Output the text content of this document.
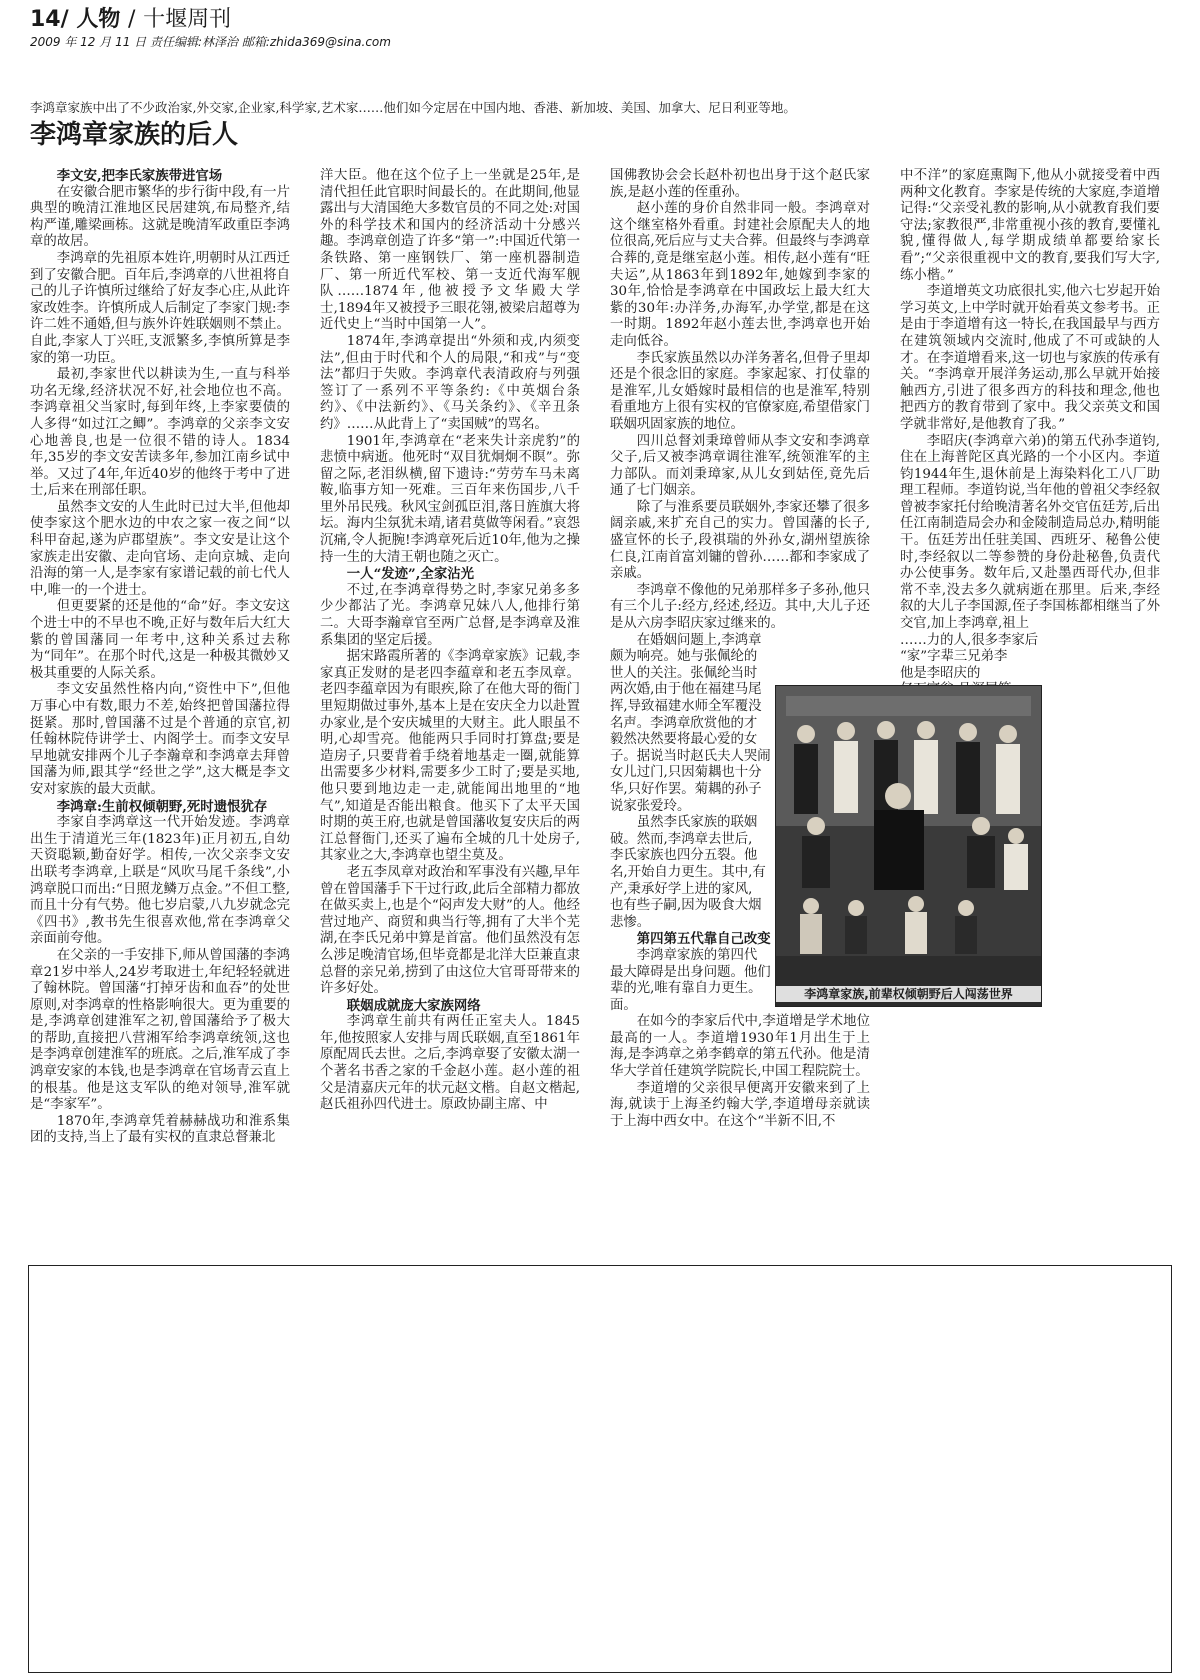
14/ 人物 / 十堰周刊
2009 年 12 月 11 日 责任编辑:林泽治 邮箱:zhida369@sina.com
李鸿章家族中出了不少政治家,外交家,企业家,科学家,艺术家……他们如今定居在中国内地、香港、新加坡、美国、加拿大、尼日利亚等地。
李鸿章家族的后人

李文安,把李氏家族带进官场

在安徽合肥市繁华的步行街中段,有一片典型的晚清江淮地区民居建筑,布局整齐,结构严谨,雕梁画栋。这就是晚清军政重臣李鸿章的故居。

李鸿章的先祖原本姓许,明朝时从江西迁到了安徽合肥。百年后,李鸿章的八世祖将自己的儿子许慎所过继给了好友李心庄,从此许家改姓李。许慎所成人后制定了李家门规:李许二姓不通婚,但与族外许姓联姻则不禁止。自此,李家人丁兴旺,支派繁多,李慎所算是李家的第一功臣。

最初,李家世代以耕读为生,一直与科举功名无缘,经济状况不好,社会地位也不高。李鸿章祖父当家时,每到年终,上李家要债的人多得“如过江之鲫”。李鸿章的父亲李文安心地善良,也是一位很不错的诗人。1834年,35岁的李文安苦读多年,参加江南乡试中举。又过了4年,年近40岁的他终于考中了进士,后来在刑部任职。

虽然李文安的人生此时已过大半,但他却使李家这个肥水边的中农之家一夜之间“以科甲奋起,遂为庐郡望族”。李文安是让这个家族走出安徽、走向官场、走向京城、走向沿海的第一人,是李家有家谱记载的前七代人中,唯一的一个进士。

但更要紧的还是他的“命”好。李文安这个进士中的不早也不晚,正好与数年后大红大紫的曾国藩同一年考中,这种关系过去称为“同年”。在那个时代,这是一种极其微妙又极其重要的人际关系。

李文安虽然性格内向,“资性中下”,但他万事心中有数,眼力不差,始终把曾国藩拉得挺紧。那时,曾国藩不过是个普通的京官,初任翰林院侍讲学士、内阁学士。而李文安早早地就安排两个儿子李瀚章和李鸿章去拜曾国藩为师,跟其学“经世之学”,这大概是李文安对家族的最大贡献。

李鸿章:生前权倾朝野,死时遗恨犹存

李家自李鸿章这一代开始发迹。李鸿章出生于清道光三年(1823年)正月初五,自幼天资聪颖,勤奋好学。相传,一次父亲李文安出联考李鸿章,上联是“风吹马尾千条线”,小鸿章脱口而出:“日照龙鳞万点金。”不但工整,而且十分有气势。他七岁启蒙,八九岁就念完《四书》,教书先生很喜欢他,常在李鸿章父亲面前夸他。

在父亲的一手安排下,师从曾国藩的李鸿章21岁中举人,24岁考取进士,年纪轻轻就进了翰林院。曾国藩“打掉牙齿和血吞”的处世原则,对李鸿章的性格影响很大。更为重要的是,李鸿章创建淮军之初,曾国藩给予了极大的帮助,直接把八营湘军给李鸿章统领,这也是李鸿章创建淮军的班底。之后,淮军成了李鸿章安家的本钱,也是李鸿章在官场青云直上的根基。他是这支军队的绝对领导,淮军就是“李家军”。

1870年,李鸿章凭着赫赫战功和淮系集团的支持,当上了最有实权的直隶总督兼北

洋大臣。他在这个位子上一坐就是25年,是清代担任此官职时间最长的。在此期间,他显露出与大清国绝大多数官员的不同之处:对国外的科学技术和国内的经济活动十分感兴趣。李鸿章创造了许多“第一”:中国近代第一条铁路、第一座钢铁厂、第一座机器制造厂、第一所近代军校、第一支近代海军舰队……1874年,他被授予文华殿大学士,1894年又被授予三眼花翎,被梁启超尊为近代史上“当时中国第一人”。

1874年,李鸿章提出“外须和戎,内须变法”,但由于时代和个人的局限,“和戎”与“变法”都归于失败。李鸿章代表清政府与列强签订了一系列不平等条约:《中英烟台条约》、《中法新约》、《马关条约》、《辛丑条约》……从此背上了“卖国贼”的骂名。

1901年,李鸿章在“老来失计亲虎豹”的悲愤中病逝。他死时“双目犹炯炯不瞑”。弥留之际,老泪纵横,留下遗诗:“劳劳车马未离鞍,临事方知一死难。三百年来伤国步,八千里外吊民残。秋风宝剑孤臣泪,落日旌旗大将坛。海内尘氛犹未靖,诸君莫做等闲看。”哀怨沉痛,令人扼腕!李鸿章死后近10年,他为之操持一生的大清王朝也随之灭亡。

一人“发迹”,全家沾光

不过,在李鸿章得势之时,李家兄弟多多少少都沾了光。李鸿章兄妹八人,他排行第二。大哥李瀚章官至两广总督,是李鸿章及淮系集团的坚定后援。

据宋路霞所著的《李鸿章家族》记载,李家真正发财的是老四李蕴章和老五李凤章。老四李蕴章因为有眼疾,除了在他大哥的衙门里短期做过事外,基本上是在安庆全力以赴置办家业,是个安庆城里的大财主。此人眼虽不明,心却雪亮。他能两只手同时打算盘;要是造房子,只要背着手绕着地基走一圈,就能算出需要多少材料,需要多少工时了;要是买地,他只要到地边走一走,就能闻出地里的“地气”,知道是否能出粮食。他买下了太平天国时期的英王府,也就是曾国藩收复安庆后的两江总督衙门,还买了遍布全城的几十处房子,其家业之大,李鸿章也望尘莫及。

老五李凤章对政治和军事没有兴趣,早年曾在曾国藩手下干过行政,此后全部精力都放在做买卖上,也是个“闷声发大财”的人。他经营过地产、商贸和典当行等,拥有了大半个芜湖,在李氏兄弟中算是首富。他们虽然没有怎么涉足晚清官场,但毕竟都是北洋大臣兼直隶总督的亲兄弟,捞到了由这位大官哥哥带来的许多好处。

联姻成就庞大家族网络

李鸿章生前共有两任正室夫人。1845年,他按照家人安排与周氏联姻,直至1861年原配周氏去世。之后,李鸿章娶了安徽太湖一个著名书香之家的千金赵小莲。赵小莲的祖父是清嘉庆元年的状元赵文楷。自赵文楷起,赵氏祖孙四代进士。原政协副主席、中

国佛教协会会长赵朴初也出身于这个赵氏家族,是赵小莲的侄重孙。

赵小莲的身价自然非同一般。李鸿章对这个继室格外看重。封建社会原配夫人的地位很高,死后应与丈夫合葬。但最终与李鸿章合葬的,竟是继室赵小莲。相传,赵小莲有“旺夫运”,从1863年到1892年,她嫁到李家的30年,恰恰是李鸿章在中国政坛上最大红大紫的30年:办洋务,办海军,办学堂,都是在这一时期。1892年赵小莲去世,李鸿章也开始走向低谷。

李氏家族虽然以办洋务著名,但骨子里却还是个很念旧的家庭。李家起家、打仗靠的是淮军,儿女婚嫁时最相信的也是淮军,特别看重地方上很有实权的官僚家庭,希望借家门联姻巩固家族的地位。

四川总督刘秉璋曾师从李文安和李鸿章父子,后又被李鸿章调往淮军,统领淮军的主力部队。而刘秉璋家,从儿女到姑侄,竟先后通了七门姻亲。

除了与淮系要员联姻外,李家还攀了很多阔亲戚,来扩充自己的实力。曾国藩的长子,盛宣怀的长子,段祺瑞的外孙女,湖州望族徐仁良,江南首富刘镛的曾孙……都和李家成了亲戚。

李鸿章不像他的兄弟那样多子多孙,他只有三个儿子:经方,经述,经迈。其中,大儿子还是从六房李昭庆家过继来的。

在婚姻问题上,李鸿章

颇为响亮。她与张佩纶的

世人的关注。张佩纶当时

两次婚,由于他在福建马尾

挥,导致福建水师全军覆没

名声。李鸿章欣赏他的才

毅然决然要将最心爱的女

子。据说当时赵氏夫人哭闹

女儿过门,只因菊耦也十分

华,只好作罢。菊耦的孙子

说家张爱玲。

虽然李氏家族的联姻

破。然而,李鸿章去世后,

李氏家族也四分五裂。他

名,开始自力更生。其中,有

产,秉承好学上进的家风,

也有些子嗣,因为吸食大烟

悲惨。

第四第五代靠自己改变

李鸿章家族的第四代

最大障碍是出身问题。他们

辈的光,唯有靠自力更生。

面。

在如今的李家后代中,李道增是学术地位最高的一人。李道增1930年1月出生于上海,是李鸿章之弟李鹤章的第五代孙。他是清华大学首任建筑学院院长,中国工程院院士。

李道增的父亲很早便离开安徽来到了上海,就读于上海圣约翰大学,李道增母亲就读于上海中西女中。在这个“半新不旧,不

中不洋”的家庭熏陶下,他从小就接受着中西两种文化教育。李家是传统的大家庭,李道增记得:“父亲受礼教的影响,从小就教育我们要守法;家教很严,非常重视小孩的教育,要懂礼貌,懂得做人,每学期成绩单都要给家长看”;“父亲很重视中文的教育,要我们写大字,练小楷。”

李道增英文功底很扎实,他六七岁起开始学习英文,上中学时就开始看英文参考书。正是由于李道增有这一特长,在我国最早与西方在建筑领域内交流时,他成了不可或缺的人才。在李道增看来,这一切也与家族的传承有关。“李鸿章开展洋务运动,那么早就开始接触西方,引进了很多西方的科技和理念,他也把西方的教育带到了家中。我父亲英文和国学就非常好,是他教育了我。”

李昭庆(李鸿章六弟)的第五代孙李道钧,住在上海普陀区真光路的一个小区内。李道钧1944年生,退休前是上海染料化工八厂助理工程师。李道钧说,当年他的曾祖父李经叙曾被李家托付给晚清著名外交官伍廷芳,后出任江南制造局会办和金陵制造局总办,精明能干。伍廷芳出任驻美国、西班牙、秘鲁公使时,李经叙以二等参赞的身份赴秘鲁,负责代办公使事务。数年后,又赴墨西哥代办,但非常不幸,没去多久就病逝在那里。后来,李经叙的大儿子李国源,侄子李国栋都相继当了外交官,加上李鸿章,祖上

……力的人,很多李家后

“家”字辈三兄弟李

他是李昭庆的

李鸿章家族,前辈权倾朝野后人闯荡世界
